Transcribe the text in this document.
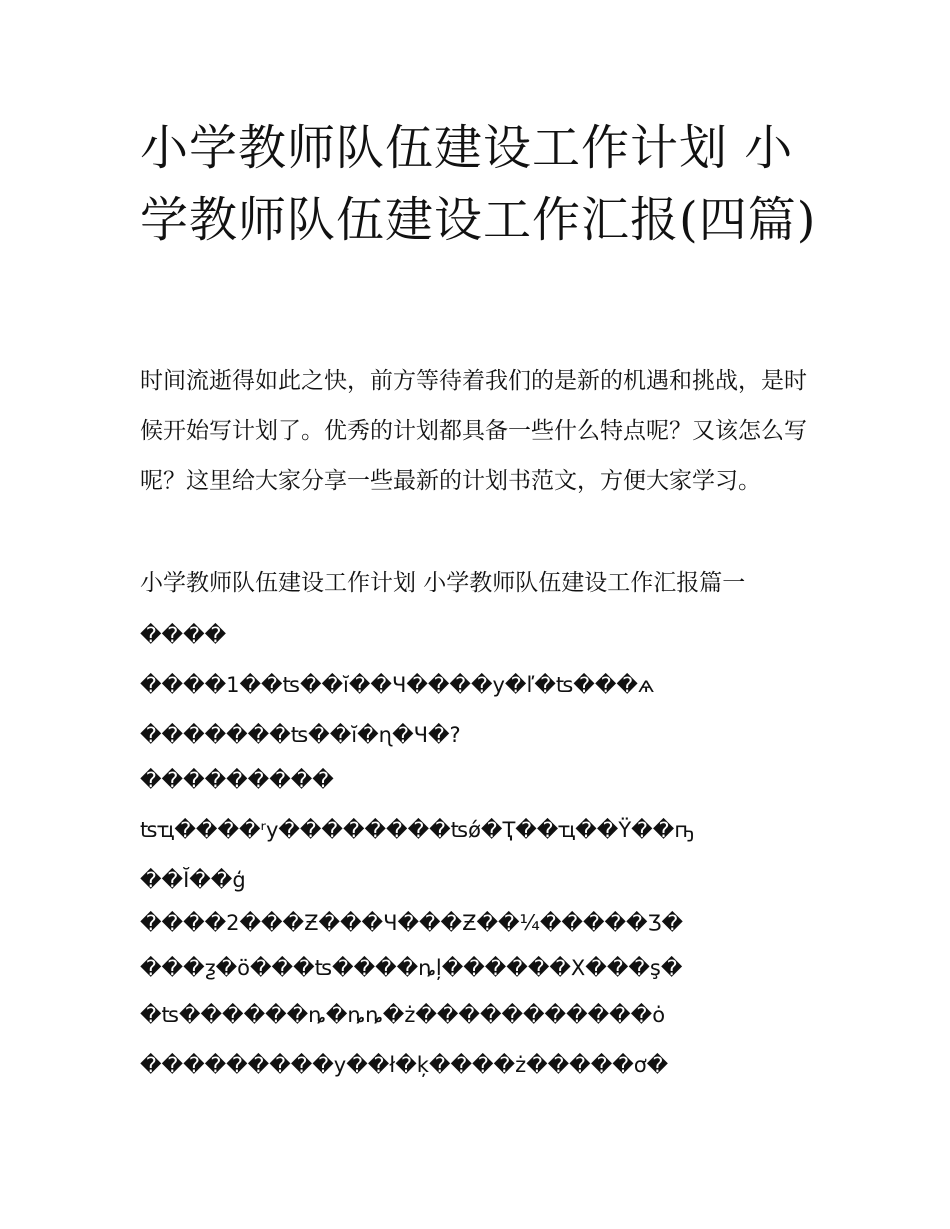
小学教师队伍建设工作计划 小学教师队伍建设工作汇报(四篇)

时间流逝得如此之快，前方等待着我们的是新的机遇和挑战，是时候开始写计划了。优秀的计划都具备一些什么特点呢？又该怎么写呢？这里给大家分享一些最新的计划书范文，方便大家学习。

小学教师队伍建设工作计划 小学教师队伍建设工作汇报篇一

����

����1��ʦ��ĭ��Ч����y�ľ�ʦ���ѧ

�������ʦ��ĭ�ɳ�Ч�?

���������

ʦҵ����ʳy��������ʦǿ�Ҭ��ҵ��Ϋ��ҧ

��Ĭ��ģ

����2���Ƶ���Ч���Ƶ��¼�����Ʒ�

���ƺ�ӧ���ʦ����ȵļ������Χ���ş�

�ʦ������ȵ�ȵȵ�ż�����������ȯ

���������y��ł�ķ����ż�����ơ�
